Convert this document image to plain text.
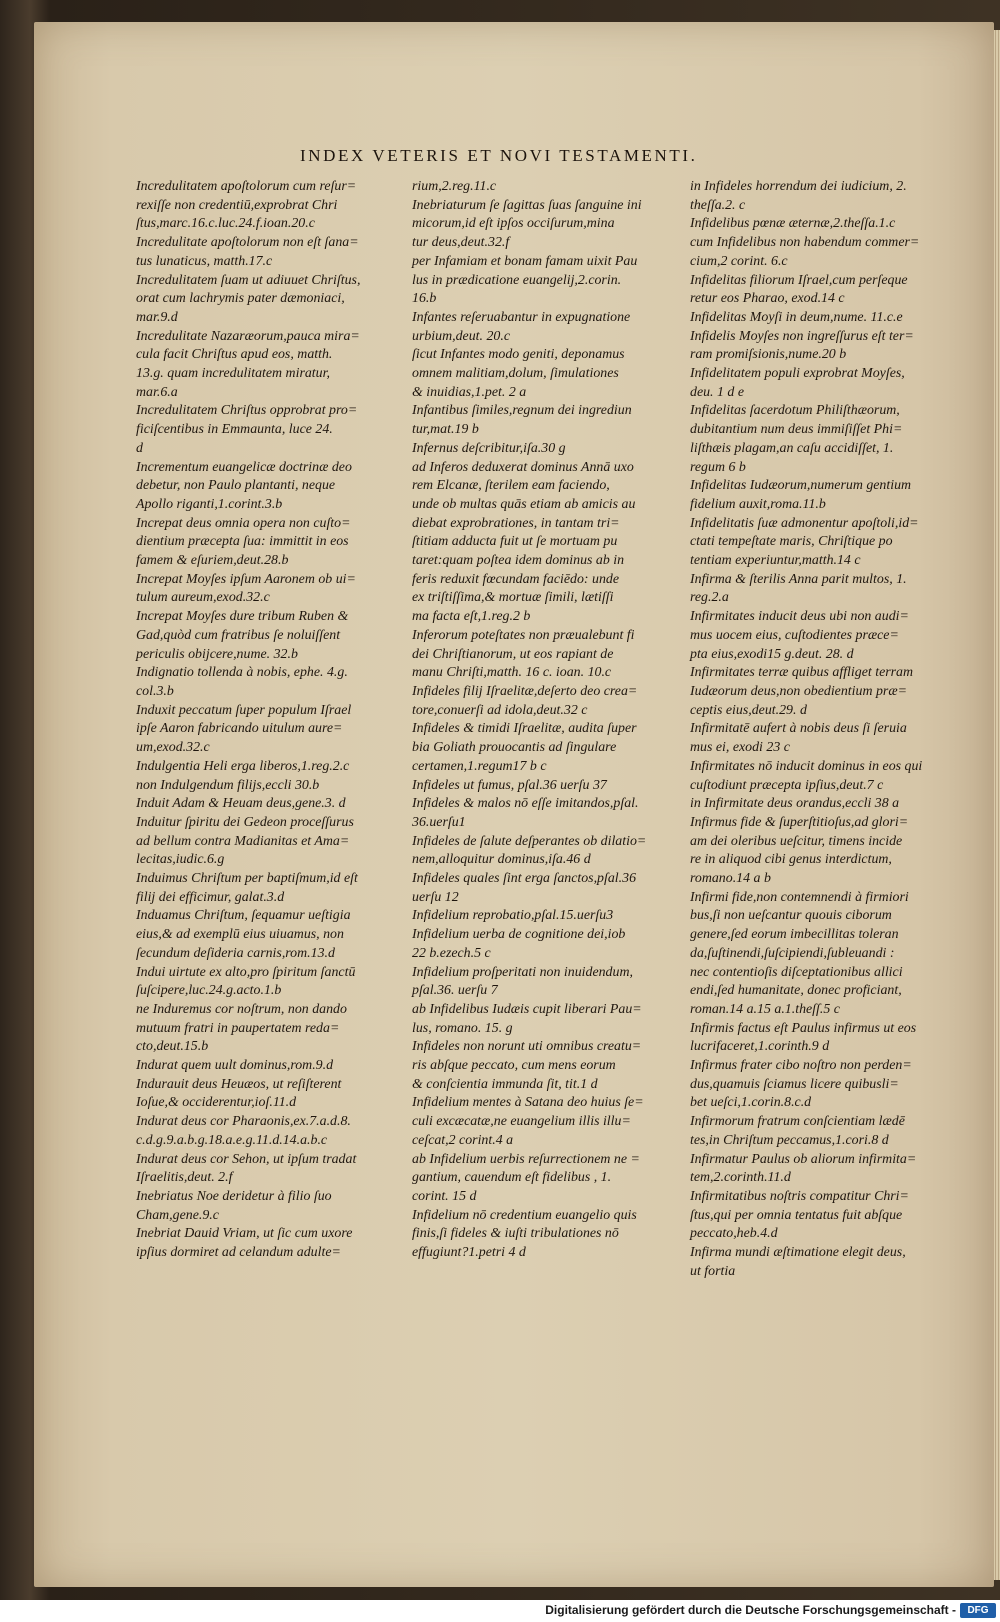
INDEX VETERIS ET NOVI TESTAMENTI.
Incredulitatem apoſtolorum cum reſur=
rexiſſe non credentiū,exprobrat Chri
ſtus,marc.16.c.luc.24.f.ioan.20.c
Incredulitate apoſtolorum non eſt ſana=
tus lunaticus, matth.17.c
Incredulitatem ſuam ut adiuuet Chriſtus,
orat cum lachrymis pater dæmoniaci,
mar.9.d
Incredulitate Nazaræorum,pauca mira=
cula facit Chriſtus apud eos, matth.
13.g. quam incredulitatem miratur,
mar.6.a
Incredulitatem Chriſtus opprobrat pro=
ficiſcentibus in Emmaunta, luce 24.
d
Incrementum euangelicæ doctrinæ deo
debetur, non Paulo plantanti, neque
Apollo riganti,1.corint.3.b
Increpat deus omnia opera non cuſto=
dientium præcepta ſua: immittit in eos
famem & eſuriem,deut.28.b
Increpat Moyſes ipſum Aaronem ob ui=
tulum aureum,exod.32.c
Increpat Moyſes dure tribum Ruben &
Gad,quòd cum fratribus ſe noluiſſent
periculis obijcere,nume. 32.b
Indignatio tollenda à nobis, ephe. 4.g.
col.3.b
Induxit peccatum ſuper populum Iſrael
ipſe Aaron fabricando uitulum aure=
um,exod.32.c
Indulgentia Heli erga liberos,1.reg.2.c
non Indulgendum filijs,eccli 30.b
Induit Adam & Heuam deus,gene.3. d
Induitur ſpiritu dei Gedeon proceſſurus
ad bellum contra Madianitas et Ama=
lecitas,iudic.6.g
Induimus Chriſtum per baptiſmum,id eſt
filij dei efficimur, galat.3.d
Induamus Chriſtum, ſequamur ueſtigia
eius,& ad exemplū eius uiuamus, non
ſecundum deſideria carnis,rom.13.d
Indui uirtute ex alto,pro ſpiritum ſanctū
ſuſcipere,luc.24.g.acto.1.b
ne Induremus cor noſtrum, non dando
mutuum fratri in paupertatem reda=
cto,deut.15.b
Indurat quem uult dominus,rom.9.d
Indurauit deus Heuæos, ut reſiſterent
Ioſue,& occiderentur,ioſ.11.d
Indurat deus cor Pharaonis,ex.7.a.d.8.
c.d.g.9.a.b.g.18.a.e.g.11.d.14.a.b.c
Indurat deus cor Sehon, ut ipſum tradat
Iſraelitis,deut. 2.f
Inebriatus Noe deridetur à filio ſuo
Cham,gene.9.c
Inebriat Dauid Vriam, ut ſic cum uxore
ipſius dormiret ad celandum adulte=
rium,2.reg.11.c
Inebriaturum ſe ſagittas ſuas ſanguine ini
micorum,id eſt ipſos occiſurum,mina
tur deus,deut.32.f
per Infamiam et bonam famam uixit Pau
lus in prædicatione euangelij,2.corin.
16.b
Infantes reſeruabantur in expugnatione
urbium,deut. 20.c
ſicut Infantes modo geniti, deponamus
omnem malitiam,dolum, ſimulationes
& inuidias,1.pet. 2 a
Infantibus ſimiles,regnum dei ingrediun
tur,mat.19 b
Infernus deſcribitur,iſa.30 g
ad Inferos deduxerat dominus Annā uxo
rem Elcanæ, ſterilem eam faciendo,
unde ob multas quās etiam ab amicis au
diebat exprobrationes, in tantam tri=
ſtitiam adducta fuit ut ſe mortuam pu
taret:quam poſtea idem dominus ab in
feris reduxit fœcundam faciēdo: unde
ex triſtiſſima,& mortuæ ſimili, lætiſſi
ma facta eſt,1.reg.2 b
Inferorum poteſtates non præualebunt fi
dei Chriſtianorum, ut eos rapiant de
manu Chriſti,matth. 16 c. ioan. 10.c
Infideles filij Iſraelitæ,deſerto deo crea=
tore,conuerſi ad idola,deut.32 c
Infideles & timidi Iſraelitæ, audita ſuper
bia Goliath prouocantis ad ſingulare
certamen,1.regum17 b c
Infideles ut fumus, pſal.36 uerſu 37
Infideles & malos nō eſſe imitandos,pſal.
36.uerſu1
Infideles de ſalute deſperantes ob dilatio=
nem,alloquitur dominus,iſa.46 d
Infideles quales ſint erga ſanctos,pſal.36
uerſu 12
Infidelium reprobatio,pſal.15.uerſu3
Infidelium uerba de cognitione dei,iob
22 b.ezech.5 c
Infidelium proſperitati non inuidendum,
pſal.36. uerſu 7
ab Infidelibus Iudæis cupit liberari Pau=
lus, romano. 15. g
Infideles non norunt uti omnibus creatu=
ris abſque peccato, cum mens eorum
& conſcientia immunda ſit, tit.1 d
Infidelium mentes à Satana deo huius ſe=
culi excæcatæ,ne euangelium illis illu=
ceſcat,2 corint.4 a
ab Infidelium uerbis reſurrectionem ne =
gantium, cauendum eſt fidelibus , 1.
corint. 15 d
Infidelium nō credentium euangelio quis
finis,ſi fideles & iuſti tribulationes nō
effugiunt?1.petri 4 d
in Infideles horrendum dei iudicium, 2.
theſſa.2. c
Infidelibus pœnæ æternæ,2.theſſa.1.c
cum Infidelibus non habendum commer=
cium,2 corint. 6.c
Infidelitas filiorum Iſrael,cum perſeque
retur eos Pharao, exod.14 c
Infidelitas Moyſi in deum,nume. 11.c.e
Infidelis Moyſes non ingreſſurus eſt ter=
ram promiſsionis,nume.20 b
Infidelitatem populi exprobrat Moyſes,
deu. 1 d e
Infidelitas ſacerdotum Philiſthæorum,
dubitantium num deus immiſiſſet Phi=
liſthæis plagam,an caſu accidiſſet, 1.
regum 6 b
Infidelitas Iudæorum,numerum gentium
fidelium auxit,roma.11.b
Infidelitatis ſuæ admonentur apoſtoli,id=
ctati tempeſtate maris, Chriſtique po
tentiam experiuntur,matth.14 c
Infirma & ſterilis Anna parit multos, 1.
reg.2.a
Infirmitates inducit deus ubi non audi=
mus uocem eius, cuſtodientes præce=
pta eius,exodi15 g.deut. 28. d
Infirmitates terræ quibus affliget terram
Iudæorum deus,non obedientium præ=
ceptis eius,deut.29. d
Infirmitatē aufert à nobis deus ſi ſeruia
mus ei, exodi 23 c
Infirmitates nō inducit dominus in eos qui
cuſtodiunt præcepta ipſius,deut.7 c
in Infirmitate deus orandus,eccli 38 a
Infirmus fide & ſuperſtitioſus,ad glori=
am dei oleribus ueſcitur, timens incide
re in aliquod cibi genus interdictum,
romano.14 a b
Infirmi fide,non contemnendi à firmiori
bus,ſi non ueſcantur quouis ciborum
genere,ſed eorum imbecillitas toleran
da,ſuſtinendi,ſuſcipiendi,ſubleuandi :
nec contentioſis diſceptationibus allici
endi,ſed humanitate, donec proficiant,
roman.14 a.15 a.1.theſſ.5 c
Infirmis factus eſt Paulus infirmus ut eos
lucrifaceret,1.corinth.9 d
Infirmus frater cibo noſtro non perden=
dus,quamuis ſciamus licere quibusli=
bet ueſci,1.corin.8.c.d
Infirmorum fratrum conſcientiam lædē
tes,in Chriſtum peccamus,1.cori.8 d
Infirmatur Paulus ob aliorum infirmita=
tem,2.corinth.11.d
Infirmitatibus noſtris compatitur Chri=
ſtus,qui per omnia tentatus fuit abſque
peccato,heb.4.d
Infirma mundi æſtimatione elegit deus,
ut fortia
Digitalisierung gefördert durch die Deutsche Forschungsgemeinschaft -	DFG
